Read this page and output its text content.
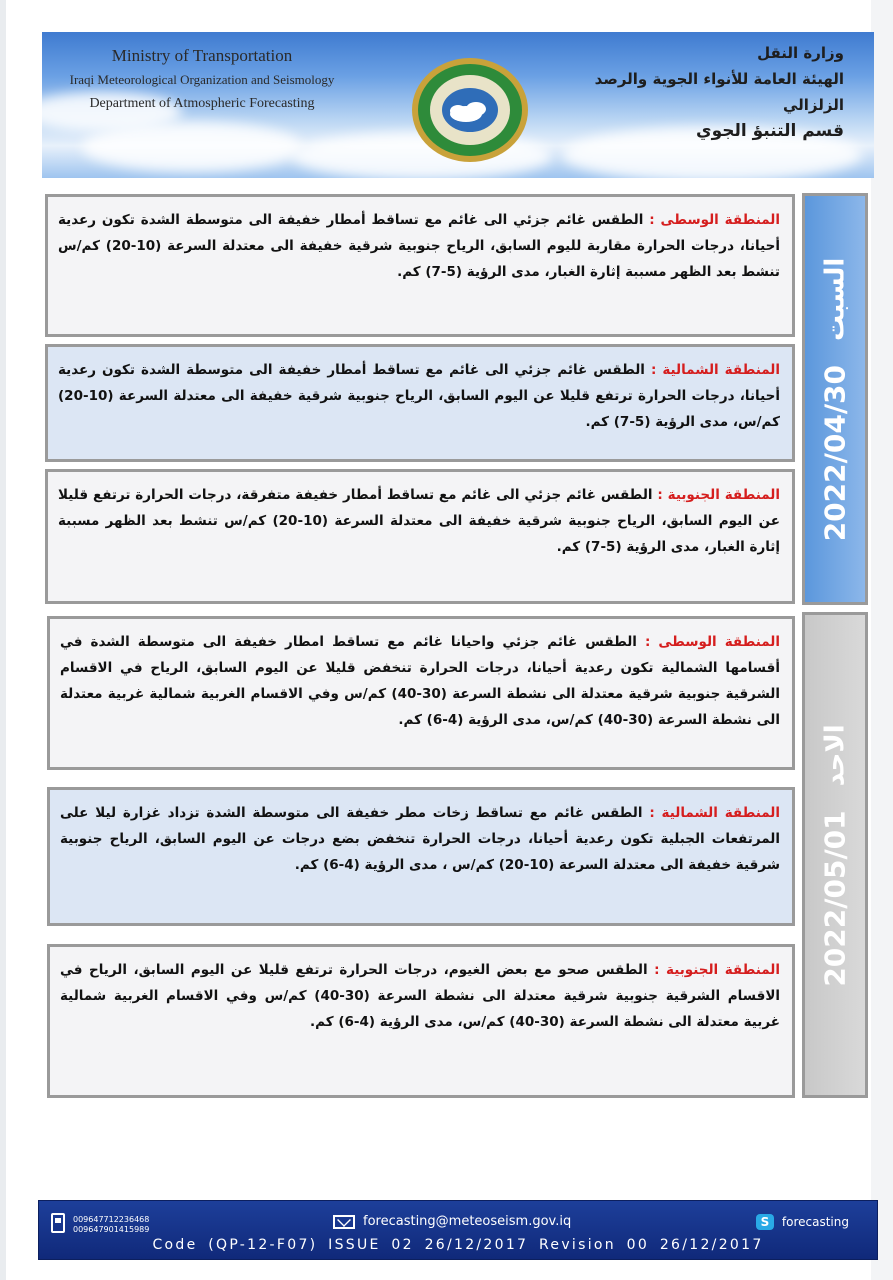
Ministry of Transportation
Iraqi Meteorological Organization and Seismology
Department of Atmospheric Forecasting
وزارة النقل
الهيئة العامة للأنواء الجوية والرصد الزلزالي
قسم التنبؤ الجوي
المنطقة الوسطى : الطقس غائم جزئي الى غائم مع تساقط أمطار خفيفة الى متوسطة الشدة تكون رعدية أحيانا، درجات الحرارة مقاربة لليوم السابق، الرياح جنوبية شرقية خفيفة الى معتدلة السرعة (10-20) كم/س تنشط بعد الظهر مسببة إثارة الغبار، مدى الرؤية (5-7) كم.
المنطقة الشمالية : الطقس غائم جزئي الى غائم مع تساقط أمطار خفيفة الى متوسطة الشدة تكون رعدية أحيانا، درجات الحرارة ترتفع قليلا عن اليوم السابق، الرياح جنوبية شرقية خفيفة الى معتدلة السرعة (10-20) كم/س، مدى الرؤية (5-7) كم.
المنطقة الجنوبية : الطقس غائم جزئي الى غائم مع تساقط أمطار خفيفة متفرقة، درجات الحرارة ترتفع قليلا عن اليوم السابق، الرياح جنوبية شرقية خفيفة الى معتدلة السرعة (10-20) كم/س تنشط بعد الظهر مسببة إثارة الغبار، مدى الرؤية (5-7) كم.
2022/04/30
السبت
المنطقة الوسطى : الطقس غائم جزئي واحيانا غائم مع تساقط امطار خفيفة الى متوسطة الشدة في أقسامها الشمالية تكون رعدية أحيانا، درجات الحرارة تنخفض قليلا عن اليوم السابق، الرياح في الاقسام الشرقية جنوبية شرقية معتدلة الى نشطة السرعة (30-40) كم/س وفي الاقسام الغربية شمالية غربية معتدلة الى نشطة السرعة (30-40) كم/س، مدى الرؤية (4-6) كم.
المنطقة الشمالية : الطقس غائم مع تساقط زخات مطر خفيفة الى متوسطة الشدة تزداد غزارة ليلا على المرتفعات الجبلية تكون رعدية أحيانا، درجات الحرارة تنخفض بضع درجات عن اليوم السابق، الرياح جنوبية شرقية خفيفة الى معتدلة السرعة (10-20) كم/س ، مدى الرؤية (4-6) كم.
المنطقة الجنوبية : الطقس صحو مع بعض الغيوم، درجات الحرارة ترتفع قليلا عن اليوم السابق، الرياح في الاقسام الشرقية جنوبية شرقية معتدلة الى نشطة السرعة (30-40) كم/س وفي الاقسام الغربية شمالية غربية معتدلة الى نشطة السرعة (30-40) كم/س، مدى الرؤية (4-6) كم.
2022/05/01
الاحد
009647712236468
009647901415989
forecasting@meteoseism.gov.iq	S	forecasting
Code (QP-12-F07) ISSUE 02 26/12/2017 Revision 00 26/12/2017
